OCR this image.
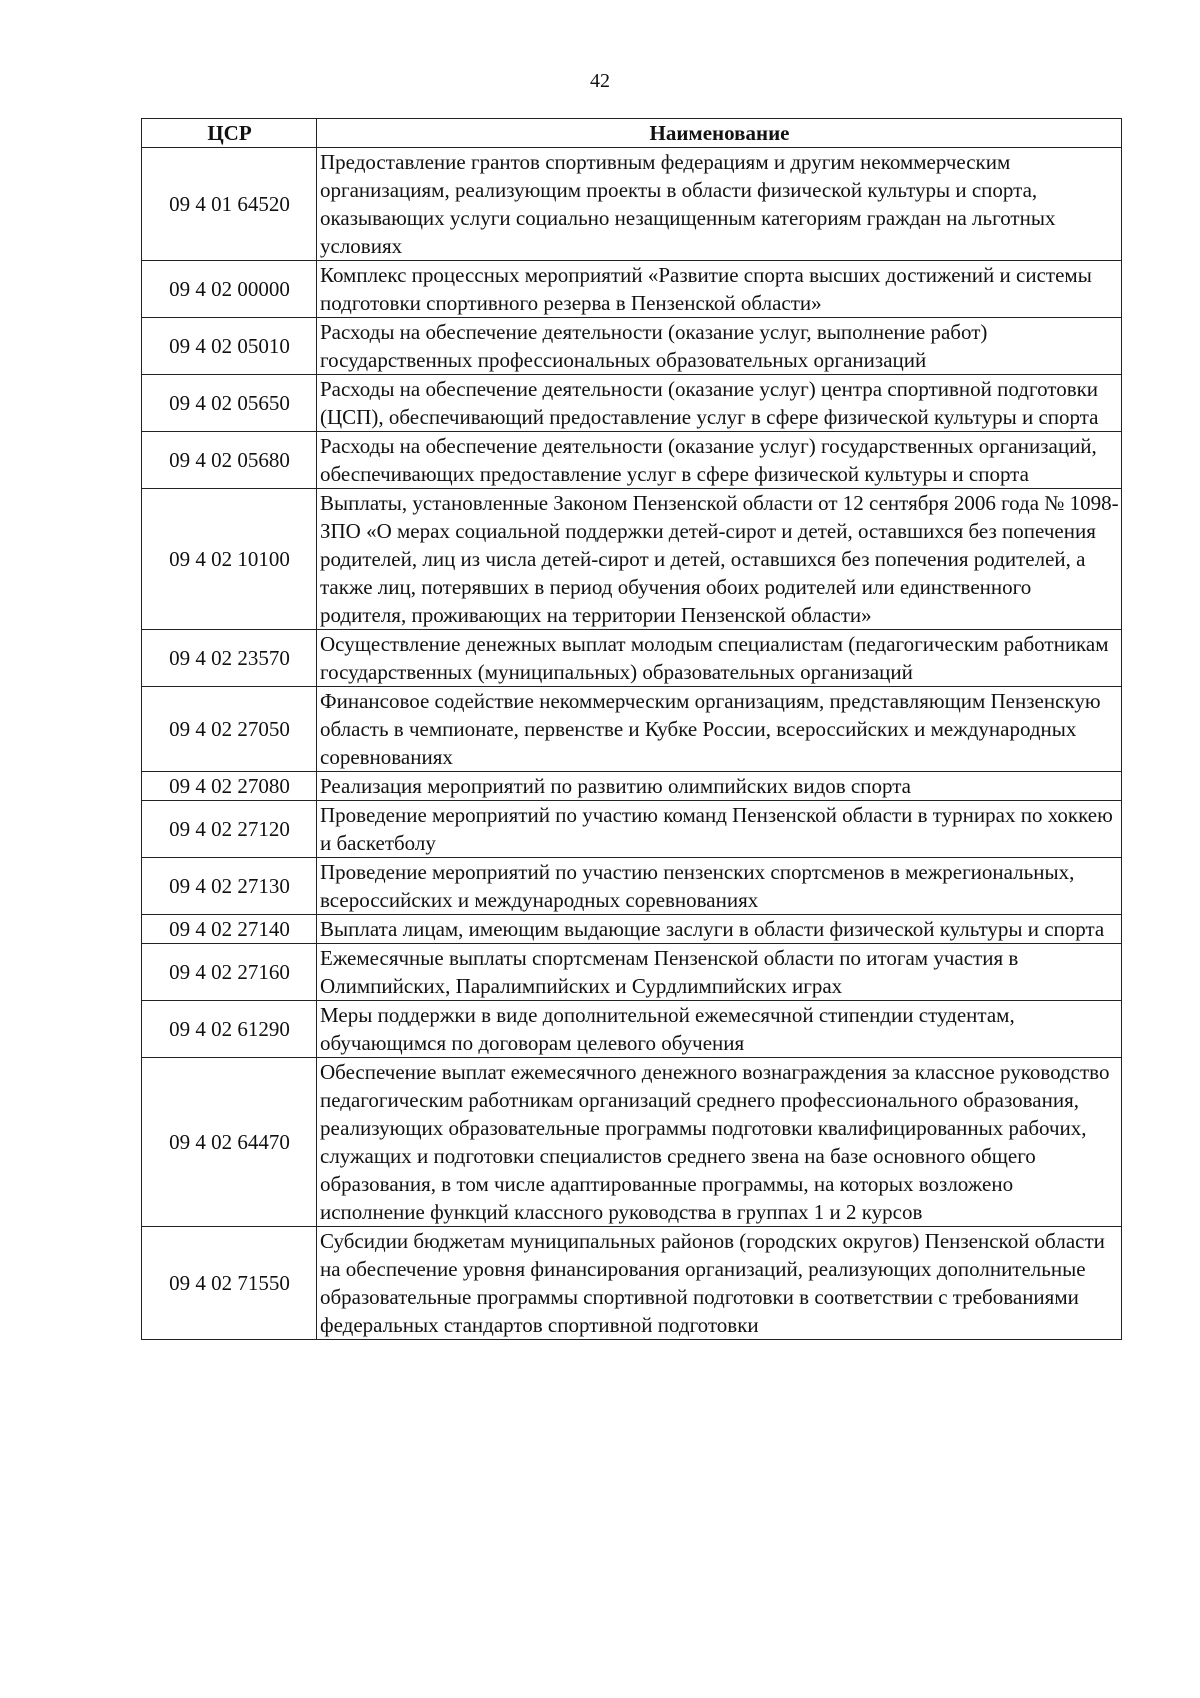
42
ЦСР	Наименование
09 4 01 64520	Предоставление грантов спортивным федерациям и другим некоммерческим организациям, реализующим проекты в области физической культуры и спорта, оказывающих услуги социально незащищенным категориям граждан на льготных условиях
09 4 02 00000	Комплекс процессных мероприятий «Развитие спорта высших достижений и системы подготовки спортивного резерва в Пензенской области»
09 4 02 05010	Расходы на обеспечение деятельности (оказание услуг, выполнение работ) государственных профессиональных образовательных организаций
09 4 02 05650	Расходы на обеспечение деятельности (оказание услуг) центра спортивной подготовки (ЦСП), обеспечивающий предоставление услуг в сфере физической культуры и спорта
09 4 02 05680	Расходы на обеспечение деятельности (оказание услуг) государственных организаций, обеспечивающих предоставление услуг в сфере физической культуры и спорта
09 4 02 10100	Выплаты, установленные Законом Пензенской области от 12 сентября 2006 года № 1098-ЗПО «О мерах социальной поддержки детей-сирот и детей, оставшихся без попечения родителей, лиц из числа детей-сирот и детей, оставшихся без попечения родителей, а также лиц, потерявших в период обучения обоих родителей или единственного родителя, проживающих на территории Пензенской области»
09 4 02 23570	Осуществление денежных выплат молодым специалистам (педагогическим работникам государственных (муниципальных) образовательных организаций
09 4 02 27050	Финансовое содействие некоммерческим организациям, представляющим Пензенскую область в чемпионате, первенстве и Кубке России, всероссийских и международных соревнованиях
09 4 02 27080	Реализация мероприятий по развитию олимпийских видов спорта
09 4 02 27120	Проведение мероприятий по участию команд Пензенской области в турнирах по хоккею и баскетболу
09 4 02 27130	Проведение мероприятий по участию пензенских спортсменов в межрегиональных, всероссийских и международных соревнованиях
09 4 02 27140	Выплата лицам, имеющим выдающие заслуги в области физической культуры и спорта
09 4 02 27160	Ежемесячные выплаты спортсменам Пензенской области по итогам участия в Олимпийских, Паралимпийских и Сурдлимпийских играх
09 4 02 61290	Меры поддержки в виде дополнительной ежемесячной стипендии студентам, обучающимся по договорам целевого обучения
09 4 02 64470	Обеспечение выплат ежемесячного денежного вознаграждения за классное руководство педагогическим работникам организаций среднего профессионального образования, реализующих образовательные программы подготовки квалифицированных рабочих, служащих и подготовки специалистов среднего звена на базе основного общего образования, в том числе адаптированные программы, на которых возложено исполнение функций классного руководства в группах 1 и 2 курсов
09 4 02 71550	Субсидии бюджетам муниципальных районов (городских округов) Пензенской области на обеспечение уровня финансирования организаций, реализующих дополнительные образовательные программы спортивной подготовки в соответствии с требованиями федеральных стандартов спортивной подготовки
